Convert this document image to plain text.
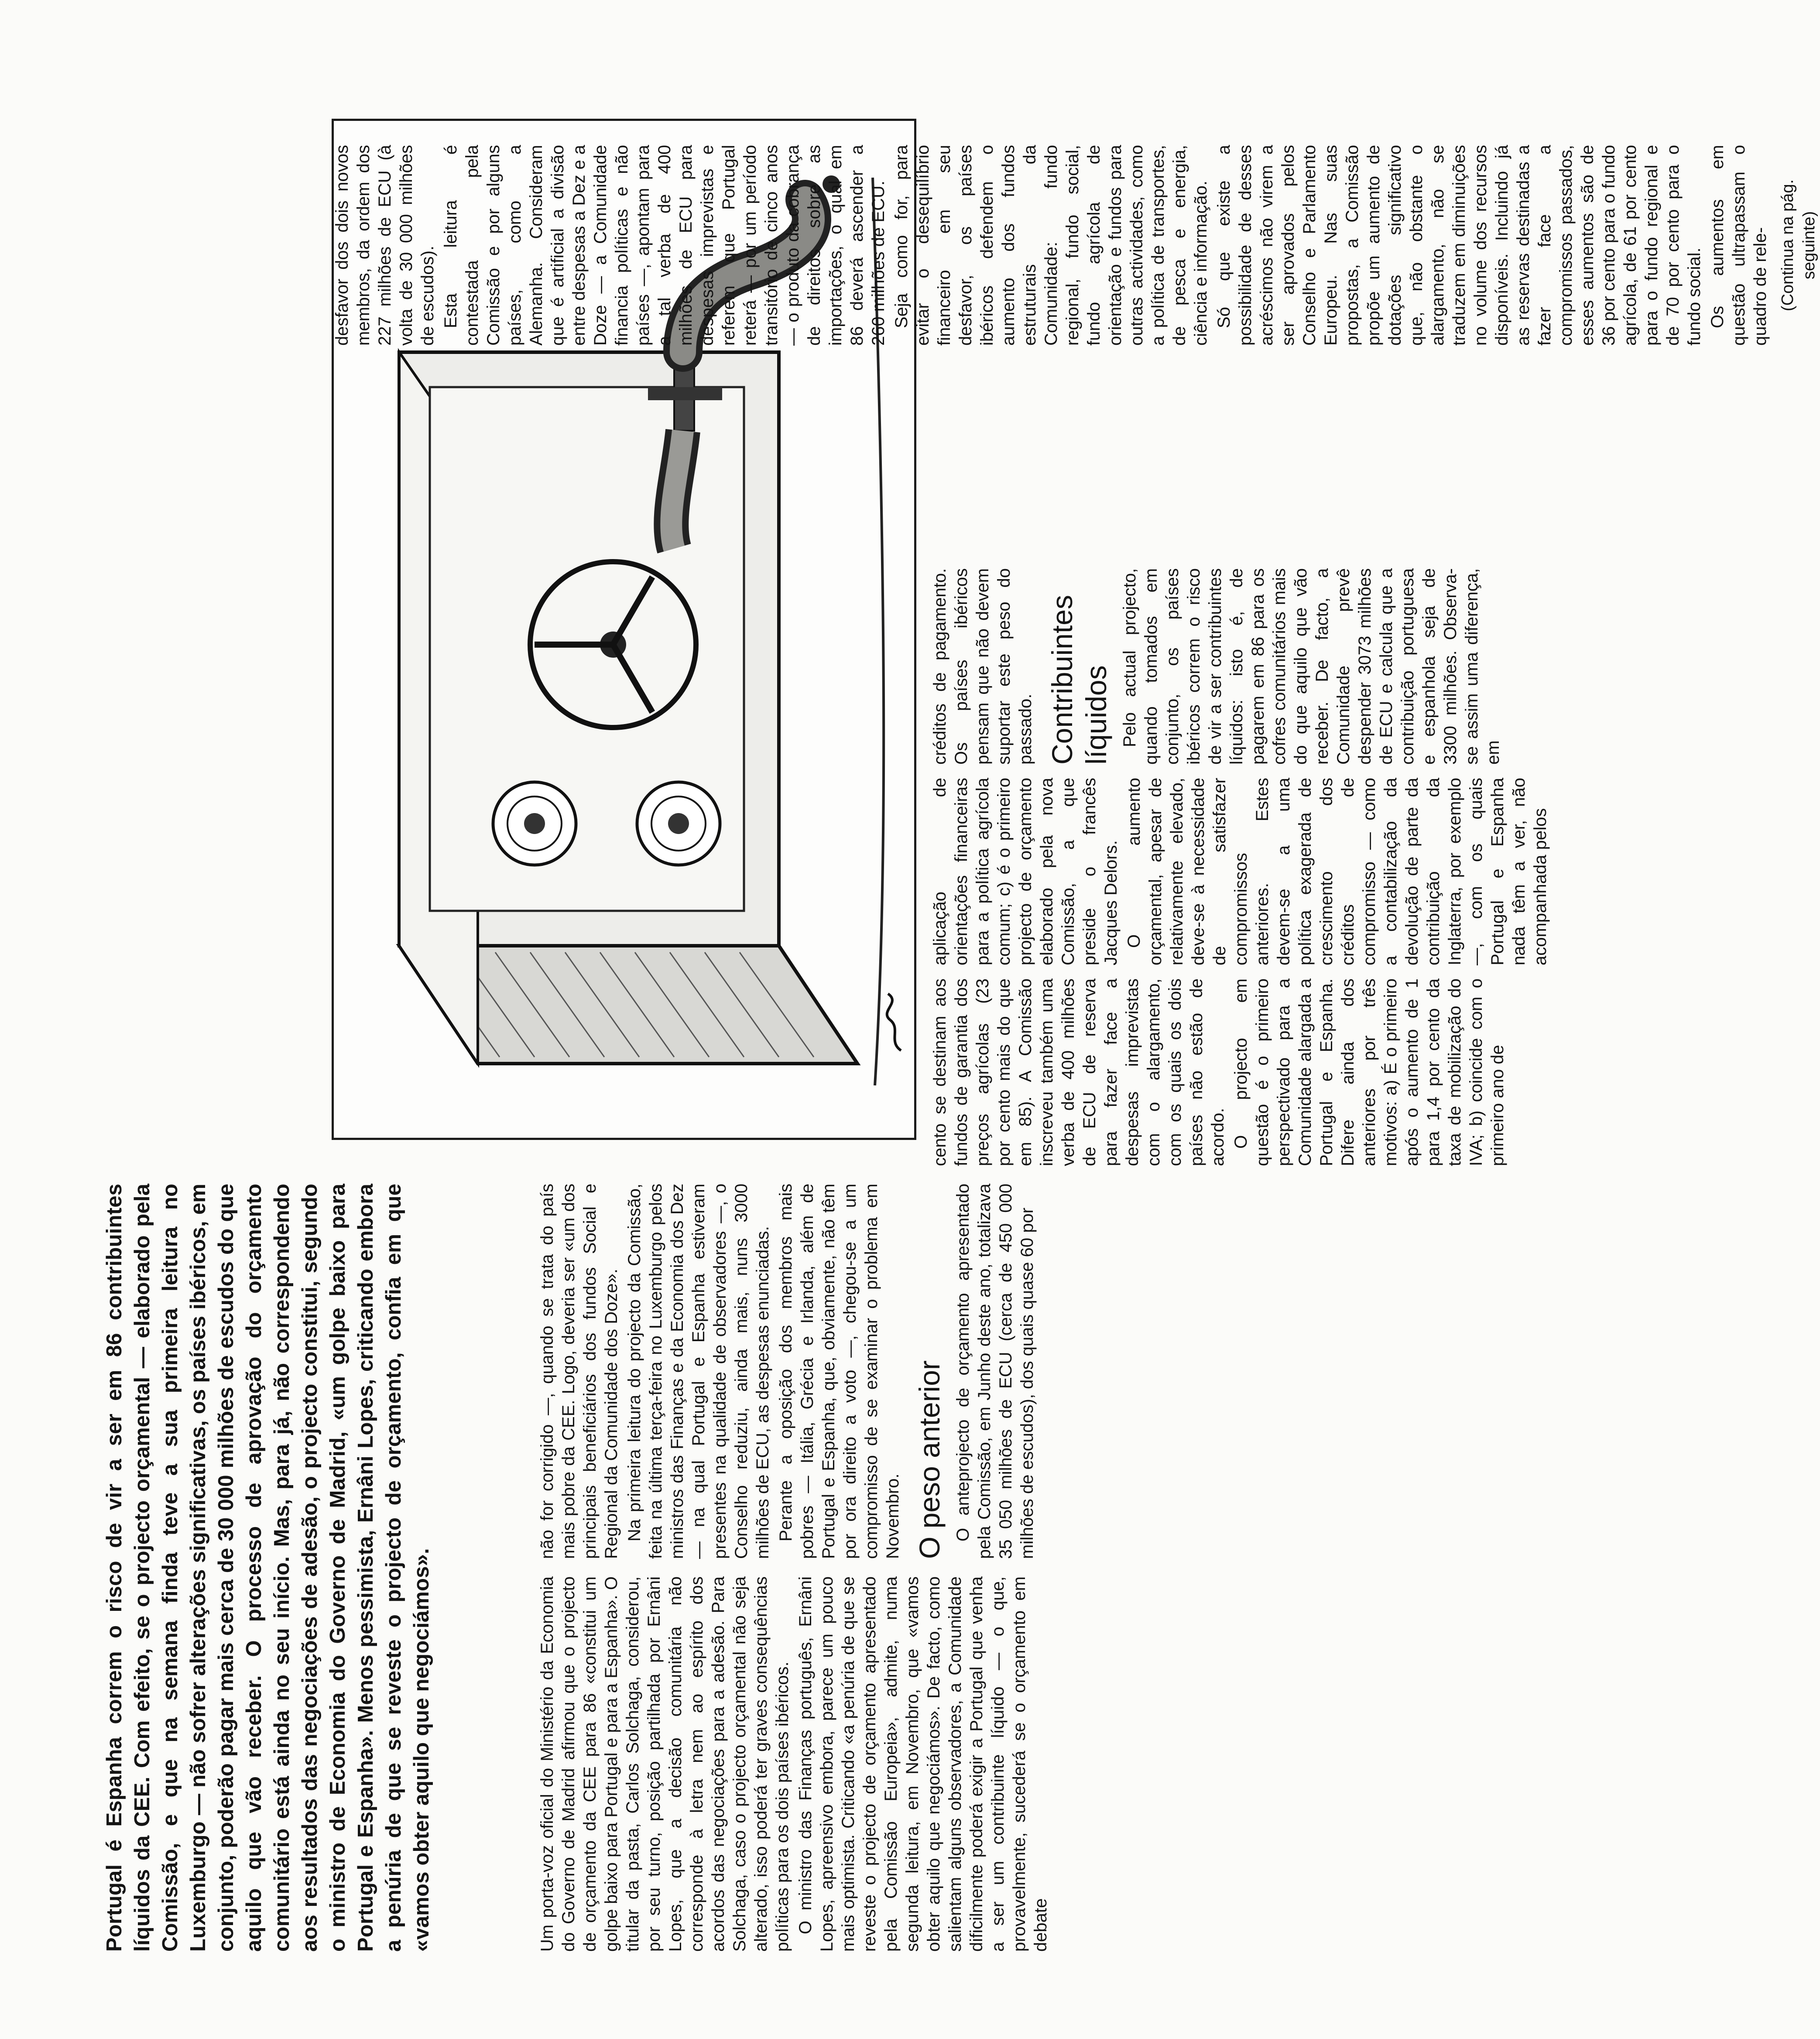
Portugal é Espanha correm o risco de vir a ser em 86 contribuintes líquidos da CEE. Com efeito, se o projecto orçamental — elaborado pela Comissão, e que na semana finda teve a sua primeira leitura no Luxemburgo — não sofrer alterações significativas, os países ibéricos, em conjunto, poderão pagar mais cerca de 30 000 milhões de escudos do que aquilo que vão receber. O processo de aprovação do orçamento comunitário está ainda no seu início. Mas, para já, não correspondendo aos resultados das negociações de adesão, o projecto constitui, segundo o ministro de Economia do Governo de Madrid, «um golpe baixo para Portugal e Espanha». Menos pessimista, Ernâni Lopes, criticando embora a penúria de que se reveste o projecto de orçamento, confia em que «vamos obter aquilo que negociámos».	Um porta-voz oficial do Ministério da Economia do Governo de Madrid afirmou que o projecto de orçamento da CEE para 86 «constitui um golpe baixo para Portugal e para a Espanha». O titular da pasta, Carlos Solchaga, considerou, por seu turno, posição partilhada por Ernâni Lopes, que a decisão comunitária não corresponde à letra nem ao espírito dos acordos das negociações para a adesão. Para Solchaga, caso o projecto orçamental não seja alterado, isso poderá ter graves consequências políticas para os dois países ibéricos. O ministro das Finanças português, Ernâni Lopes, apreensivo embora, parece um pouco mais optimista. Criticando «a penúria de que se reveste o projecto de orçamento apresentado pela Comissão Europeia», admite, numa segunda leitura, em Novembro, que «vamos obter aquilo que negociámos». De facto, como salientam alguns observadores, a Comunidade dificilmente poderá exigir a Portugal que venha a ser um contribuinte líquido — o que, provavelmente, sucederá se o orçamento em debate

não for corrigido —, quando se trata do país mais pobre da CEE. Logo, deveria ser «um dos principais beneficiários dos fundos Social e Regional da Comunidade dos Doze». Na primeira leitura do projecto da Comissão, feita na última terça-feira no Luxemburgo pelos ministros das Finanças e da Economia dos Dez — na qual Portugal e Espanha estiveram presentes na qualidade de observadores —, o Conselho reduziu, ainda mais, nuns 3000 milhões de ECU, as despesas enunciadas. Perante a oposição dos membros mais pobres — Itália, Grécia e Irlanda, além de Portugal e Espanha, que, obviamente, não têm por ora direito a voto —, chegou-se a um compromisso de se examinar o problema em Novembro. O peso anterior O anteprojecto de orçamento apresentado pela Comissão, em Junho deste ano, totalizava 35 050 milhões de ECU (cerca de 450 000 milhões de escudos), dos quais quase 60 por

cento se destinam aos fundos de garantia dos preços agrícolas (23 por cento mais do que em 85). A Comissão inscreveu também uma verba de 400 milhões de ECU de reserva para fazer face a despesas imprevistas com o alargamento, com os quais os dois países não estão de acordo. O projecto em questão é o primeiro perspectivado para a Comunidade alargada a Portugal e Espanha. Difere ainda dos anteriores por três motivos: a) É o primeiro após o aumento de 1 para 1,4 por cento da taxa de mobilização do IVA; b) coincide com o primeiro ano de

aplicação de orientações financeiras para a política agrícola comum; c) é o primeiro projecto de orçamento elaborado pela nova Comissão, a que preside o francês Jacques Delors. O aumento orçamental, apesar de relativamente elevado, deve-se à necessidade de satisfazer compromissos anteriores. Estes devem-se a uma política exagerada de crescimento dos créditos de compromisso — como a contabilização da devolução de parte da contribuição da Inglaterra, por exemplo —, com os quais Portugal e Espanha nada têm a ver, não acompanhada pelos

créditos de pagamento. Os países ibéricos pensam que não devem suportar este peso do passado. Contribuintes líquidos Pelo actual projecto, quando tomados em conjunto, os países ibéricos correm o risco de vir a ser contribuintes líquidos: isto é, de pagarem em 86 para os cofres comunitários mais do que aquilo que vão receber. De facto, a Comunidade prevê despender 3073 milhões de ECU e calcula que a contribuição portuguesa e espanhola seja de 3300 milhões. Observa-se assim uma diferença, em

desfavor dos dois novos membros, da ordem dos 227 milhões de ECU (à volta de 30 000 milhões de escudos). Esta leitura é contestada pela Comissão e por alguns países, como a Alemanha. Consideram que é artificial a divisão entre despesas a Dez e a Doze — a Comunidade financia políticas e não países —, apontam para a tal verba de 400 milhões de ECU para despesas imprevistas e referem que Portugal reterá — por um período transitório de cinco anos — o produto da cobrança de direitos sobre as importações, o qual em 86 deverá ascender a 260 milhões de ECU. Seja como for, para evitar o desequilíbrio financeiro em seu desfavor, os países ibéricos defendem o aumento dos fundos estruturais da Comunidade: fundo regional, fundo social, fundo agrícola de orientação e fundos para outras actividades, como a política de transportes, de pesca e energia, ciência e informação. Só que existe a possibilidade de desses acréscimos não virem a ser aprovados pelos Conselho e Parlamento Europeu. Nas suas propostas, a Comissão propõe um aumento de dotações significativo que, não obstante o alargamento, não se traduzem em diminuições no volume dos recursos disponíveis. Incluindo já as reservas destinadas a fazer face a compromissos passados, esses aumentos são de 36 por cento para o fundo agrícola, de 61 por cento para o fundo regional e de 70 por cento para o fundo social. Os aumentos em questão ultrapassam o quadro de rele- (Continua na pág. seguinte)
